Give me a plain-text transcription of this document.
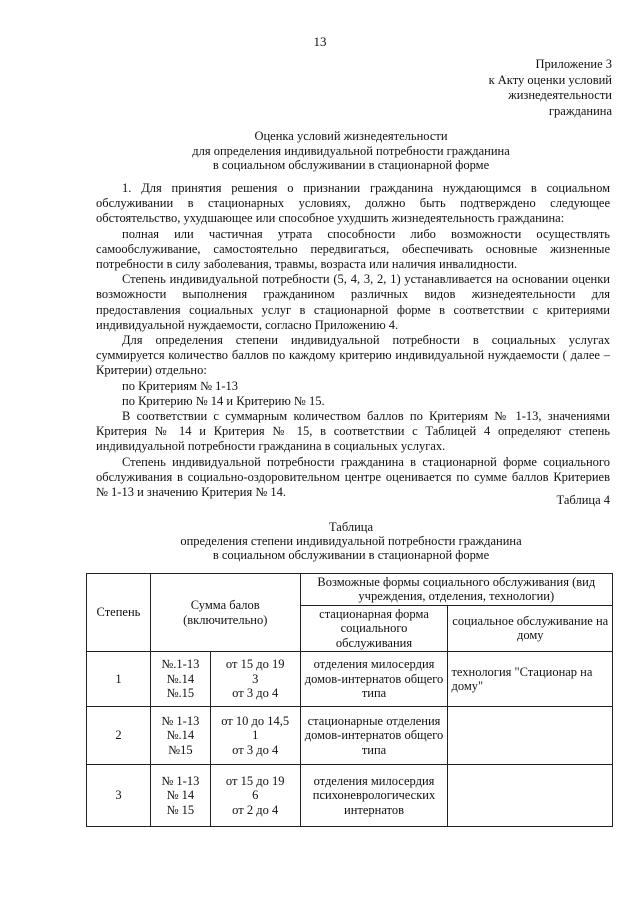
13
Приложение 3
к Акту оценки условий
жизнедеятельности
гражданина
Оценка условий жизнедеятельности
для определения индивидуальной потребности гражданина
в социальном обслуживании в стационарной форме

1. Для принятия решения о признании гражданина нуждающимся в социальном обслуживании в стационарных условиях, должно быть подтверждено следующее обстоятельство, ухудшающее или способное ухудшить жизнедеятельность гражданина:

полная или частичная утрата способности либо возможности осуществлять самообслуживание, самостоятельно передвигаться, обеспечивать основные жизненные потребности в силу заболевания, травмы, возраста или наличия инвалидности.

Степень индивидуальной потребности (5, 4, 3, 2, 1) устанавливается на основании оценки возможности выполнения гражданином различных видов жизнедеятельности для предоставления социальных услуг в стационарной форме в соответствии с критериями индивидуальной нуждаемости, согласно Приложению 4.

Для определения степени индивидуальной потребности в социальных услугах суммируется количество баллов по каждому критерию индивидуальной нуждаемости ( далее – Критерии) отдельно:

по Критериям № 1-13

по Критерию № 14 и Критерию № 15.

В соответствии с суммарным количеством баллов по Критериям № 1-13, значениями Критерия № 14 и Критерия № 15, в соответствии с Таблицей 4 определяют степень индивидуальной потребности гражданина в социальных услугах.

Степень индивидуальной потребности гражданина в стационарной форме социального обслуживания в социально-оздоровительном центре оценивается по сумме баллов Критериев № 1-13 и значению Критерия № 14.

Таблица 4
Таблица
определения степени индивидуальной потребности гражданина
в социальном обслуживании в стационарной форме
Степень	Сумма балов (включительно)		Возможные формы социального обслуживания (вид учреждения, отделения, технологии)	
			стационарная форма социального обслуживания	социальное обслуживание на дому
1	№.1-13
№.14
№.15	от 15 до 19
3
от 3 до 4	отделения милосердия домов-интернатов общего типа	технология "Стационар на дому"
2	№ 1-13
№.14
№15	от 10 до 14,5
1
от 3 до 4	стационарные отделения домов-интернатов общего типа	
3	№ 1-13
№ 14
№ 15	от 15 до 19
6
от 2 до 4	отделения милосердия психоневрологических интернатов	
